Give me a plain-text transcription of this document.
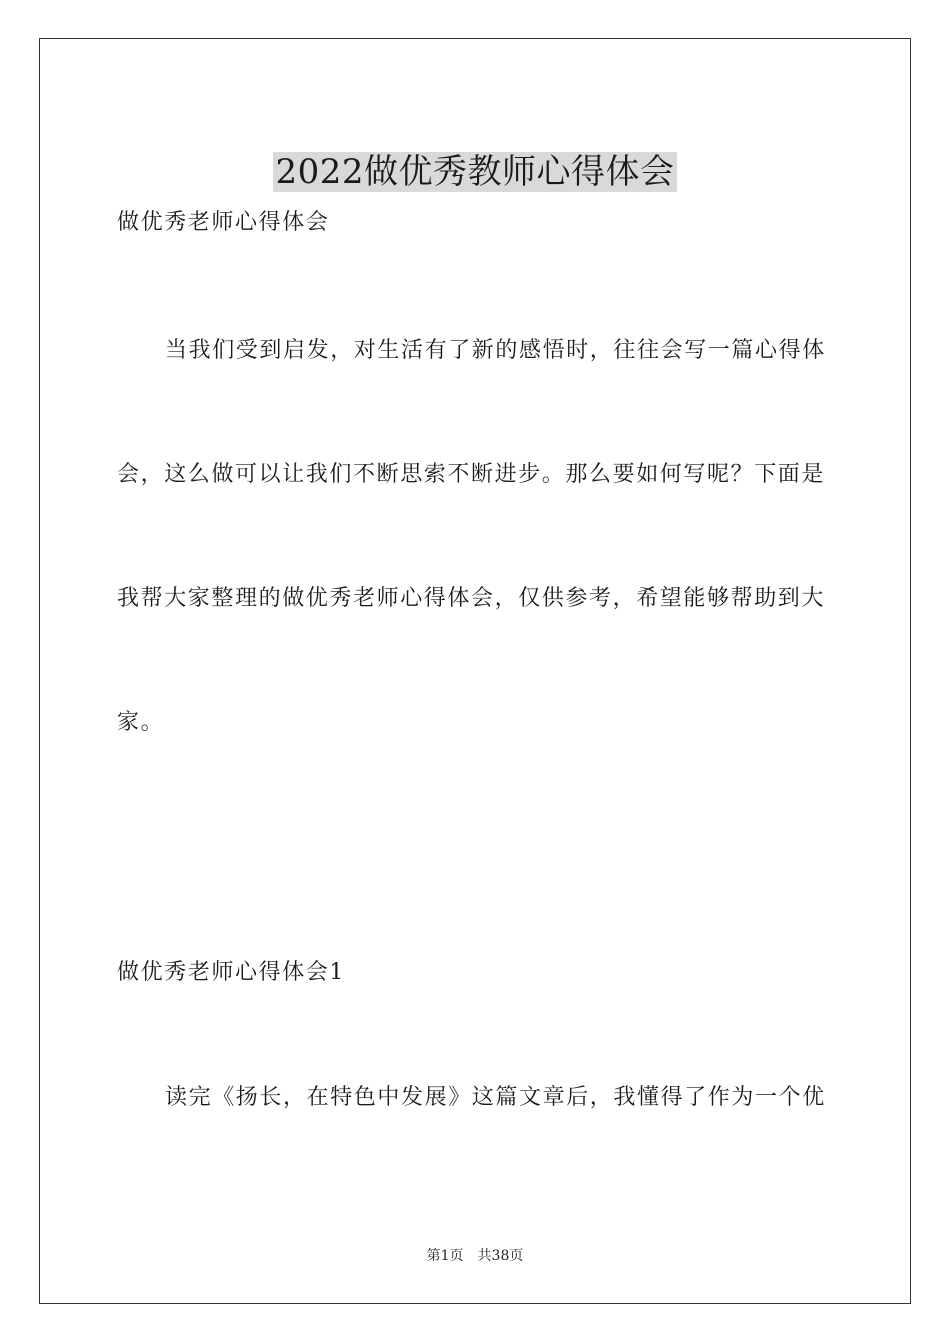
2022做优秀教师心得体会
做优秀老师心得体会
当我们受到启发，对生活有了新的感悟时，往往会写一篇心得体
会，这么做可以让我们不断思索不断进步。那么要如何写呢？下面是
我帮大家整理的做优秀老师心得体会，仅供参考，希望能够帮助到大
家。
做优秀老师心得体会1
读完《扬长，在特色中发展》这篇文章后，我懂得了作为一个优
第1页 共38页
